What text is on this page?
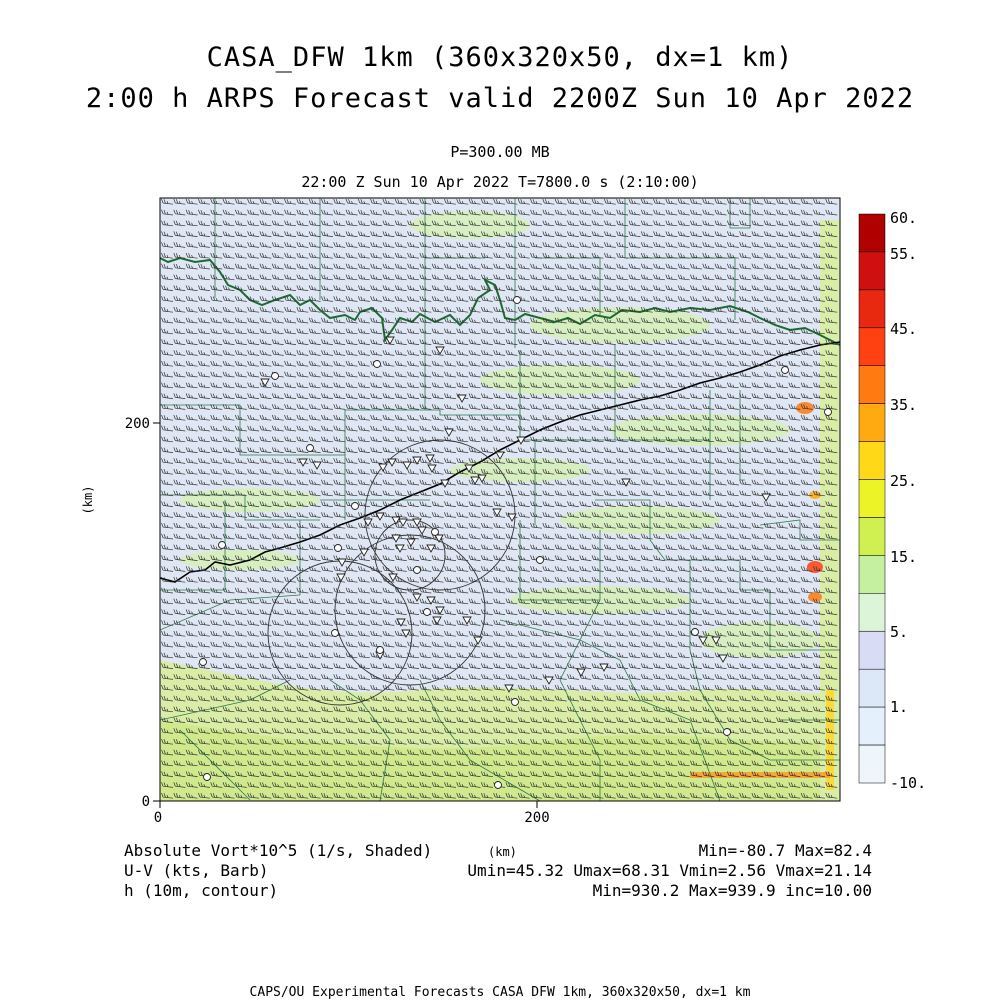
CASA_DFW 1km (360x320x50, dx=1 km)
2:00 h ARPS Forecast valid 2200Z Sun 10 Apr 2022
P=300.00 MB
22:00 Z Sun 10 Apr 2022 T=7800.0 s (2:10:00)
0	200
0
200
(km)
60.
55.
45.
35.
25.
15.
5.
1.
-10.
Absolute Vort*10^5 (1/s, Shaded)
U-V (kts, Barb)
h (10m, contour)
(km)	Min=-80.7 Max=82.4
Umin=45.32 Umax=68.31 Vmin=2.56 Vmax=21.14
Min=930.2 Max=939.9 inc=10.00
CAPS/OU Experimental Forecasts CASA DFW 1km, 360x320x50, dx=1 km
